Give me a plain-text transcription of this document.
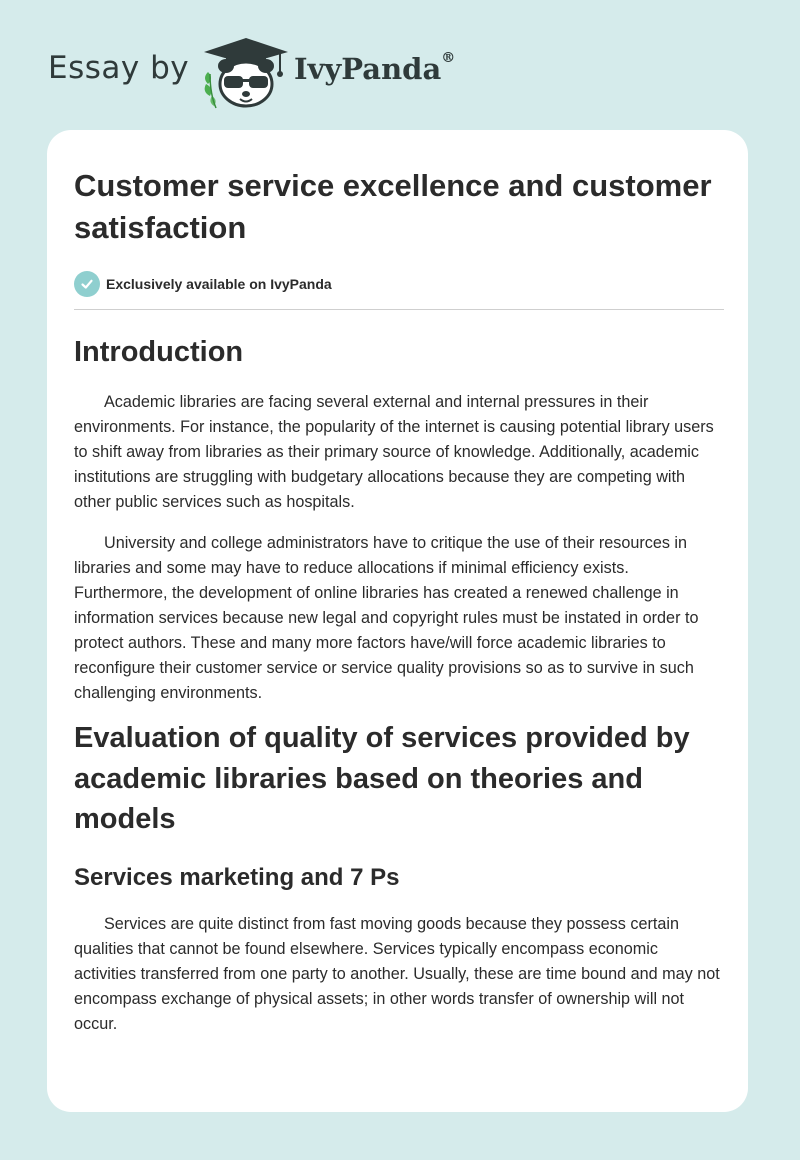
Essay by	IvyPanda®
Customer service excellence and customer satisfaction
Exclusively available on IvyPanda
Introduction

Academic libraries are facing several external and internal pressures in their environments. For instance, the popularity of the internet is causing potential library users to shift away from libraries as their primary source of knowledge. Additionally, academic institutions are struggling with budgetary allocations because they are competing with other public services such as hospitals.

University and college administrators have to critique the use of their resources in libraries and some may have to reduce allocations if minimal efficiency exists. Furthermore, the development of online libraries has created a renewed challenge in information services because new legal and copyright rules must be instated in order to protect authors. These and many more factors have/will force academic libraries to reconfigure their customer service or service quality provisions so as to survive in such challenging environments.

Evaluation of quality of services provided by academic libraries based on theories and models
Services marketing and 7 Ps

Services are quite distinct from fast moving goods because they possess certain qualities that cannot be found elsewhere. Services typically encompass economic activities transferred from one party to another. Usually, these are time bound and may not encompass exchange of physical assets; in other words transfer of ownership will not occur.
